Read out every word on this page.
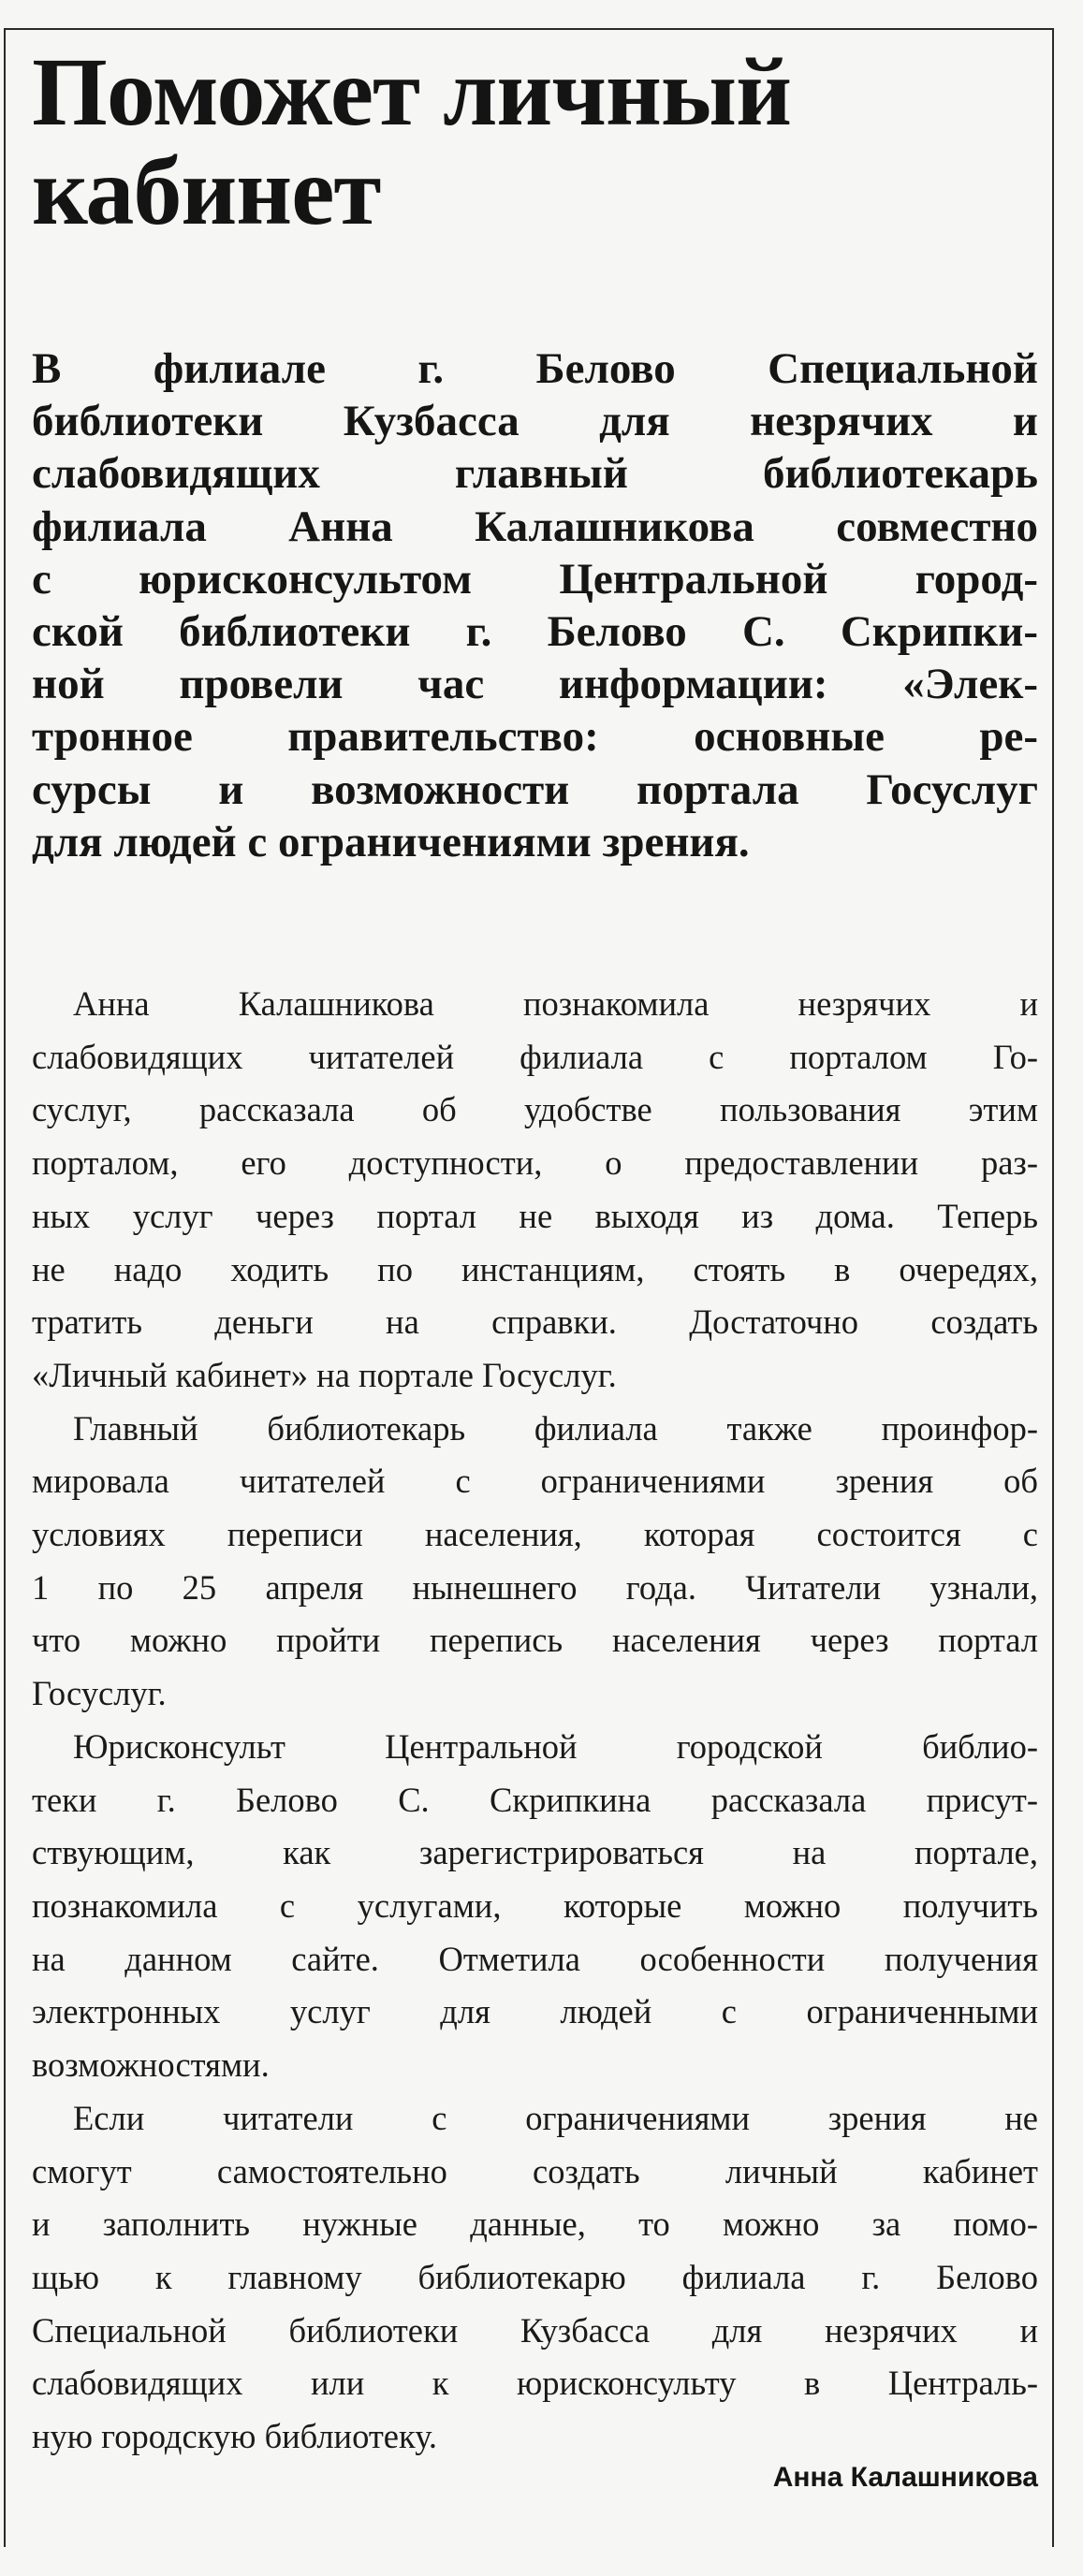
Поможет личный
кабинет
В филиале г. Белово Специальной
библиотеки Кузбасса для незрячих и
слабовидящих главный библиотекарь
филиала Анна Калашникова совместно
с юрисконсультом Центральной город-
ской библиотеки г. Белово С. Скрипки-
ной провели час информации: «Элек-
тронное правительство: основные ре-
сурсы и возможности портала Госуслуг
для людей с ограничениями зрения.
Анна Калашникова познакомила незрячих и
слабовидящих читателей филиала с порталом Го-
суслуг, рассказала об удобстве пользования этим
порталом, его доступности, о предоставлении раз-
ных услуг через портал не выходя из дома. Теперь
не надо ходить по инстанциям, стоять в очередях,
тратить деньги на справки. Достаточно создать
«Личный кабинет» на портале Госуслуг.
Главный библиотекарь филиала также проинфор-
мировала читателей с ограничениями зрения об
условиях переписи населения, которая состоится с
1 по 25 апреля нынешнего года. Читатели узнали,
что можно пройти перепись населения через портал
Госуслуг.
Юрисконсульт Центральной городской библио-
теки г. Белово С. Скрипкина рассказала присут-
ствующим, как зарегистрироваться на портале,
познакомила с услугами, которые можно получить
на данном сайте. Отметила особенности получения
электронных услуг для людей с ограниченными
возможностями.
Если читатели с ограничениями зрения не
смогут самостоятельно создать личный кабинет
и заполнить нужные данные, то можно за помо-
щью к главному библиотекарю филиала г. Белово
Специальной библиотеки Кузбасса для незрячих и
слабовидящих или к юрисконсульту в Централь-
ную городскую библиотеку.
Анна Калашникова
